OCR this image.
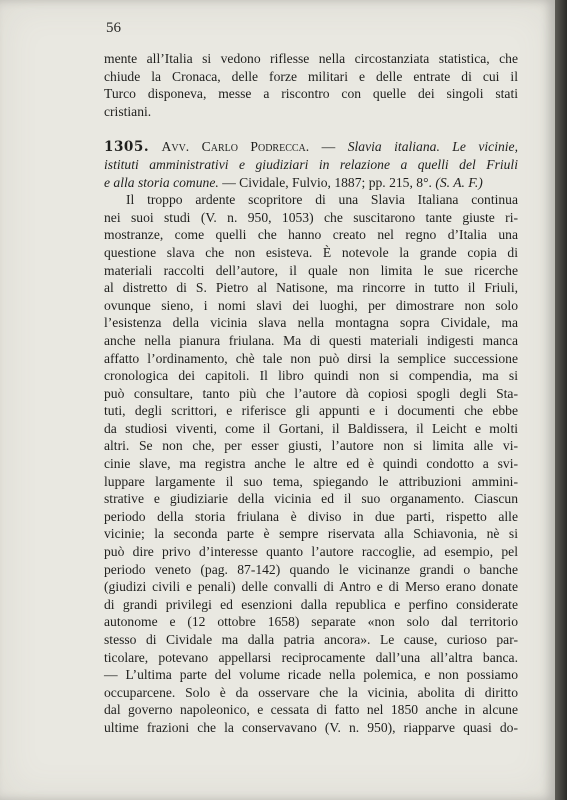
56

mente all’Italia si vedono riflesse nella circostanziata statistica, che
chiude la Cronaca, delle forze militari e delle entrate di cui il
Turco disponeva, messe a riscontro con quelle dei singoli stati
cristiani.
1305. Avv. Carlo Podrecca. — Slavia italiana. Le vicinie,
istituti amministrativi e giudiziari in relazione a quelli del Friuli
e alla storia comune. — Cividale, Fulvio, 1887; pp. 215, 8°. (S. A. F.)
Il troppo ardente scopritore di una Slavia Italiana continua
nei suoi studi (V. n. 950, 1053) che suscitarono tante giuste ri-
mostranze, come quelli che hanno creato nel regno d’Italia una
questione slava che non esisteva. È notevole la grande copia di
materiali raccolti dell’autore, il quale non limita le sue ricerche
al distretto di S. Pietro al Natisone, ma rincorre in tutto il Friuli,
ovunque sieno, i nomi slavi dei luoghi, per dimostrare non solo
l’esistenza della vicinia slava nella montagna sopra Cividale, ma
anche nella pianura friulana. Ma di questi materiali indigesti manca
affatto l’ordinamento, chè tale non può dirsi la semplice successione
cronologica dei capitoli. Il libro quindi non si compendia, ma si
può consultare, tanto più che l’autore dà copiosi spogli degli Sta-
tuti, degli scrittori, e riferisce gli appunti e i documenti che ebbe
da studiosi viventi, come il Gortani, il Baldissera, il Leicht e molti
altri. Se non che, per esser giusti, l’autore non si limita alle vi-
cinie slave, ma registra anche le altre ed è quindi condotto a svi-
luppare largamente il suo tema, spiegando le attribuzioni ammini-
strative e giudiziarie della vicinia ed il suo organamento. Ciascun
periodo della storia friulana è diviso in due parti, rispetto alle
vicinie; la seconda parte è sempre riservata alla Schiavonia, nè si
può dire privo d’interesse quanto l’autore raccoglie, ad esempio, pel
periodo veneto (pag. 87-142) quando le vicinanze grandi o banche
(giudizi civili e penali) delle convalli di Antro e di Merso erano donate
di grandi privilegi ed esenzioni dalla republica e perfino considerate
autonome e (12 ottobre 1658) separate «non solo dal territorio
stesso di Cividale ma dalla patria ancora». Le cause, curioso par-
ticolare, potevano appellarsi reciprocamente dall’una all’altra banca.
— L’ultima parte del volume ricade nella polemica, e non possiamo
occuparcene. Solo è da osservare che la vicinia, abolita di diritto
dal governo napoleonico, e cessata di fatto nel 1850 anche in alcune
ultime frazioni che la conservavano (V. n. 950), riapparve quasi do-
